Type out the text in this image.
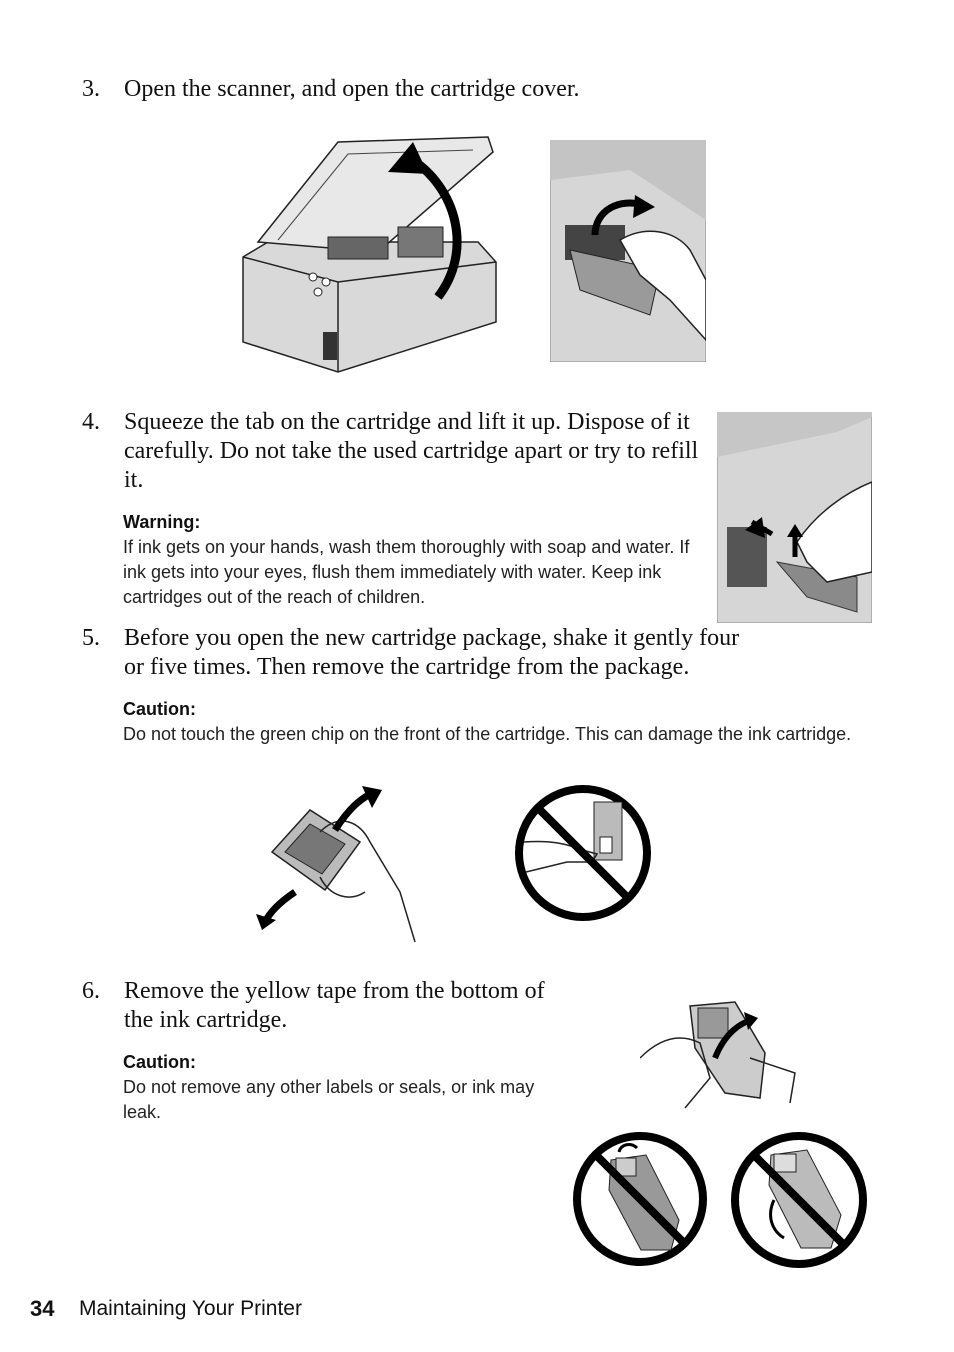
3. Open the scanner, and open the cartridge cover.
4. Squeeze the tab on the cartridge and lift it up. Dispose of it carefully. Do not take the used cartridge apart or try to refill it.
Warning:
If ink gets on your hands, wash them thoroughly with soap and water. If ink gets into your eyes, flush them immediately with water. Keep ink cartridges out of the reach of children.
5. Before you open the new cartridge package, shake it gently four or five times. Then remove the cartridge from the package.
Caution:
Do not touch the green chip on the front of the cartridge. This can damage the ink cartridge.
6. Remove the yellow tape from the bottom of the ink cartridge.
Caution:
Do not remove any other labels or seals, or ink may leak.
34 Maintaining Your Printer
